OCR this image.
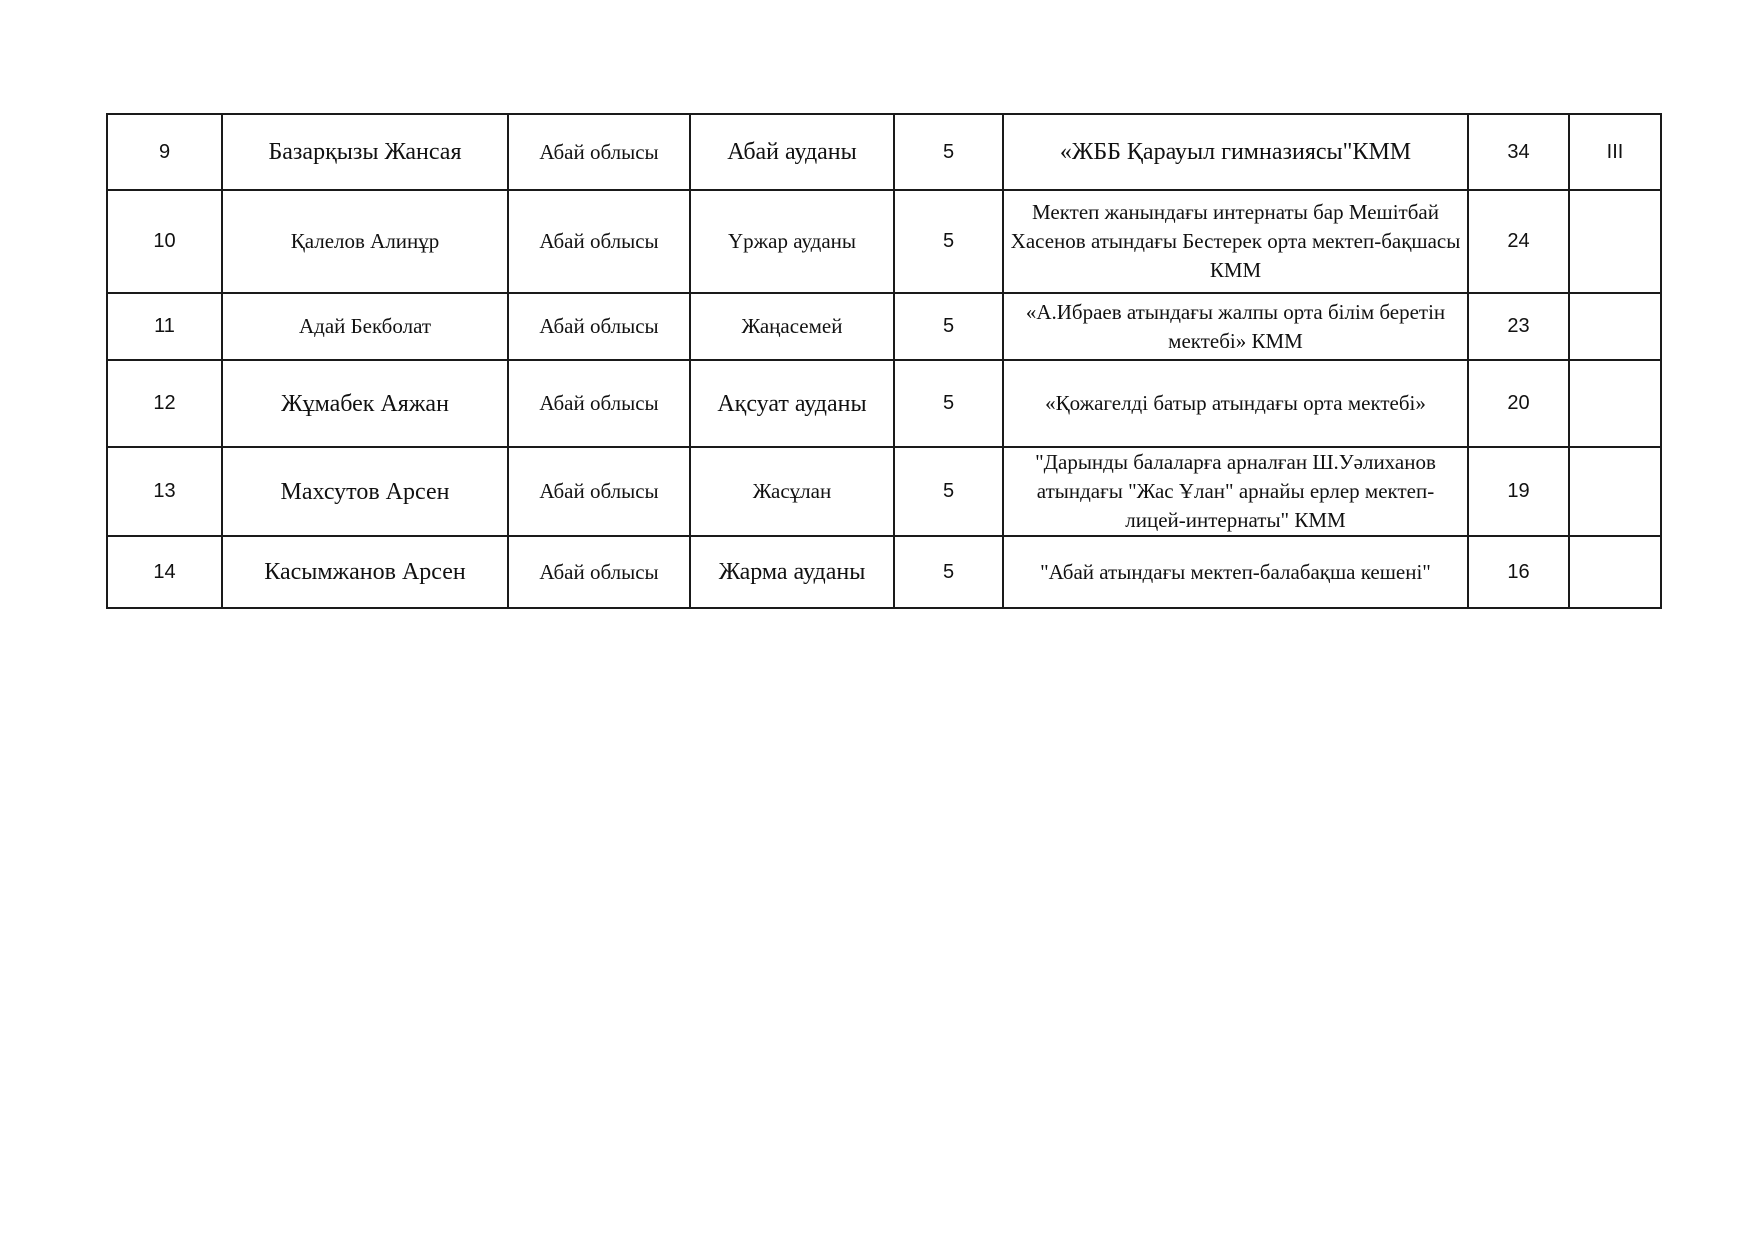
9	Базарқызы Жансая	Абай облысы	Абай ауданы	5	«ЖББ Қарауыл гимназиясы"КММ	34	III
10	Қалелов Алинұр	Абай облысы	Үржар ауданы	5	Мектеп жанындағы интернаты бар Мешітбай Хасенов атындағы Бестерек орта мектеп-бақшасы КММ	24	
11	Адай Бекболат	Абай облысы	Жаңасемей	5	«А.Ибраев атындағы жалпы орта білім беретін мектебі» КММ	23	
12	Жұмабек Аяжан	Абай облысы	Ақсуат ауданы	5	«Қожагелді батыр атындағы орта мектебі»	20	
13	Махсутов Арсен	Абай облысы	Жасұлан	5	"Дарынды балаларға арналған Ш.Уәлиханов атындағы "Жас Ұлан" арнайы ерлер мектеп-лицей-интернаты" КММ	19	
14	Касымжанов Арсен	Абай облысы	Жарма ауданы	5	"Абай атындағы мектеп-балабақша кешені"	16	
